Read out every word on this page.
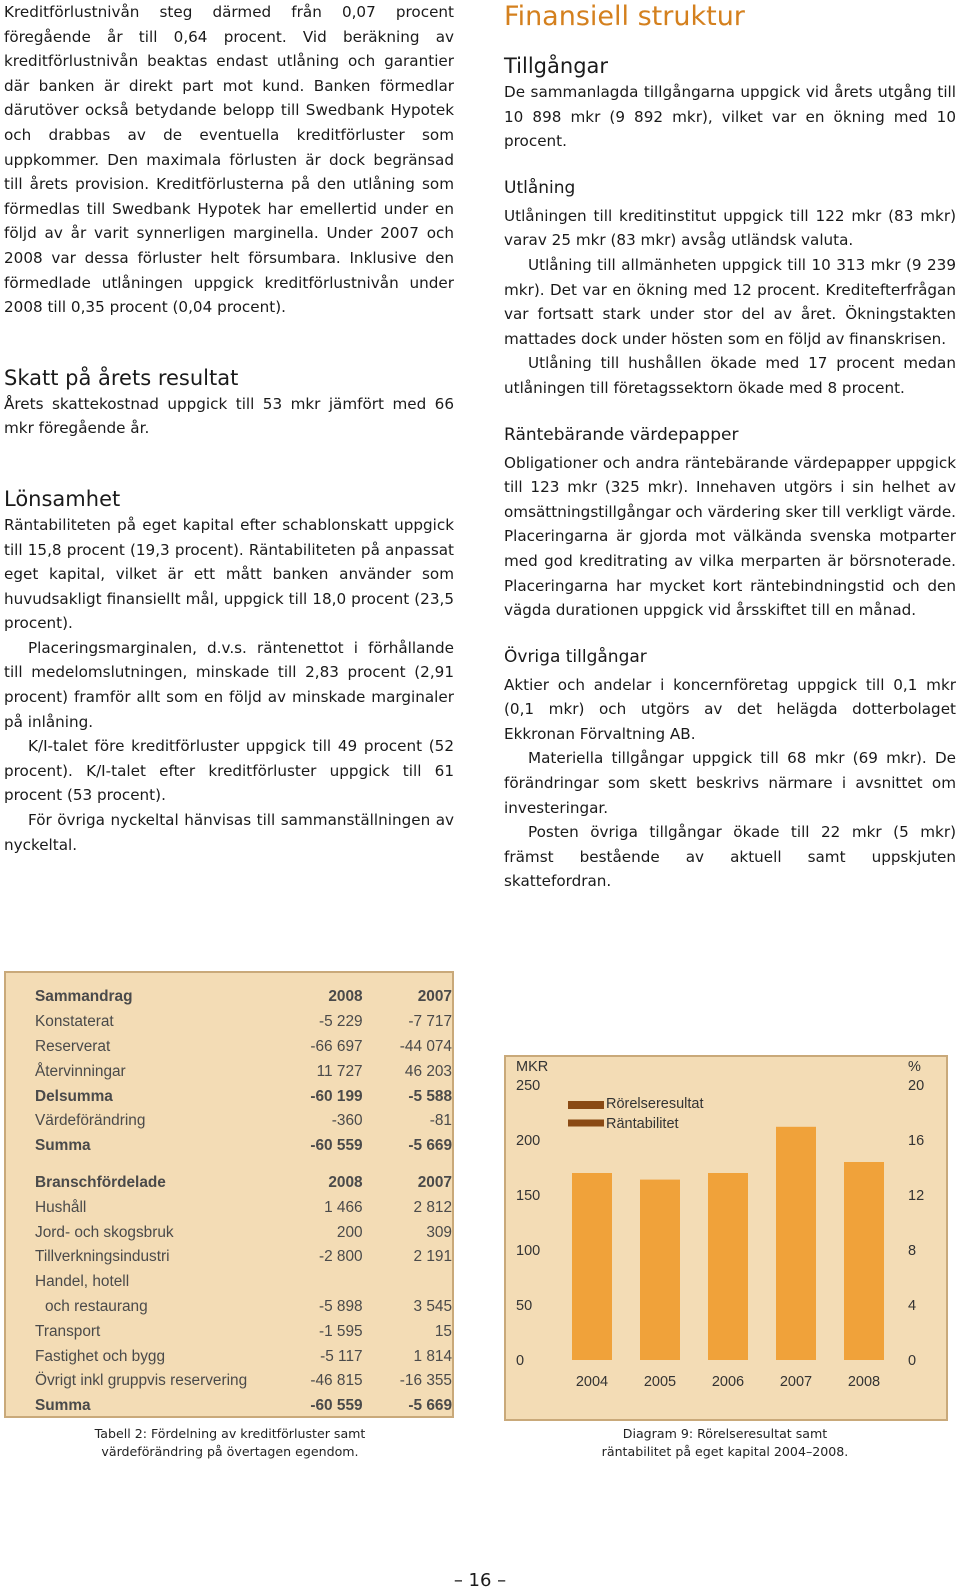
Kreditförlustnivån steg därmed från 0,07 procent föregående år till 0,64 procent. Vid beräkning av kreditförlustnivån beaktas endast utlåning och garantier där banken är direkt part mot kund. Banken förmedlar därutöver också betydande belopp till Swedbank Hypotek och drabbas av de eventuella kreditförluster som uppkommer. Den maximala förlusten är dock begränsad till årets provision. Kreditförlusterna på den utlåning som förmedlas till Swedbank Hypotek har emellertid under en följd av år varit synnerligen marginella. Under 2007 och 2008 var dessa förluster helt försumbara. Inklusive den förmedlade utlåningen uppgick kreditförlustnivån under 2008 till 0,35 procent (0,04 procent).

Skatt på årets resultat

Årets skattekostnad uppgick till 53 mkr jämfört med 66 mkr föregående år.

Lönsamhet

Räntabiliteten på eget kapital efter schablonskatt uppgick till 15,8 procent (19,3 procent). Räntabiliteten på anpassat eget kapital, vilket är ett mått banken använder som huvudsakligt finansiellt mål, uppgick till 18,0 procent (23,5 procent).

Placeringsmarginalen, d.v.s. räntenettot i förhållande till medelomslutningen, minskade till 2,83 procent (2,91 procent) framför allt som en följd av minskade marginaler på inlåning.

K/I-talet före kreditförluster uppgick till 49 procent (52 procent). K/I-talet efter kreditförluster uppgick till 61 procent (53 procent).

För övriga nyckeltal hänvisas till sammanställningen av nyckeltal.

Finansiell struktur
Tillgångar

De sammanlagda tillgångarna uppgick vid årets utgång till 10 898 mkr (9 892 mkr), vilket var en ökning med 10 procent.

Utlåning

Utlåningen till kreditinstitut uppgick till 122 mkr (83 mkr) varav 25 mkr (83 mkr) avsåg utländsk valuta.

Utlåning till allmänheten uppgick till 10 313 mkr (9 239 mkr). Det var en ökning med 12 procent. Kreditefterfrågan var fortsatt stark under stor del av året. Ökningstakten mattades dock under hösten som en följd av finanskrisen.

Utlåning till hushållen ökade med 17 procent medan utlåningen till företagssektorn ökade med 8 procent.

Räntebärande värdepapper

Obligationer och andra räntebärande värdepapper uppgick till 123 mkr (325 mkr). Innehaven utgörs i sin helhet av omsättningstillgångar och värdering sker till verkligt värde. Placeringarna är gjorda mot välkända svenska motparter med god kreditrating av vilka merparten är börsnoterade. Placeringarna har mycket kort räntebindningstid och den vägda durationen uppgick vid årsskiftet till en månad.

Övriga tillgångar

Aktier och andelar i koncernföretag uppgick till 0,1 mkr (0,1 mkr) och utgörs av det helägda dotterbolaget Ekkronan Förvaltning AB.

Materiella tillgångar uppgick till 68 mkr (69 mkr). De förändringar som skett beskrivs närmare i avsnittet om investeringar.

Posten övriga tillgångar ökade till 22 mkr (5 mkr) främst bestående av aktuell samt uppskjuten skattefordran.

Sammandrag	2008	2007
Konstaterat	-5 229	-7 717
Reserverat	-66 697	-44 074
Återvinningar	11 727	46 203
Delsumma	-60 199	-5 588
Värdeförändring	-360	-81
Summa	-60 559	-5 669

Branschfördelade	2008	2007
Hushåll	1 466	2 812
Jord- och skogsbruk	200	309
Tillverkningsindustri	-2 800	2 191
Handel, hotell		
och restaurang	-5 898	3 545
Transport	-1 595	15
Fastighet och bygg	-5 117	1 814
Övrigt inkl gruppvis reservering	-46 815	-16 355
Summa	-60 559	-5 669
Tabell 2: Fördelning av kreditförluster samt
värdeförändring på övertagen egendom.
MKR	%
0
50
100
150
200
250
0
4
8
12
16
20
2004 2005 2006 2007 2008
Rörelseresultat
Räntabilitet
Diagram 9: Rörelseresultat samt
räntabilitet på eget kapital 2004–2008.
– 16 –
